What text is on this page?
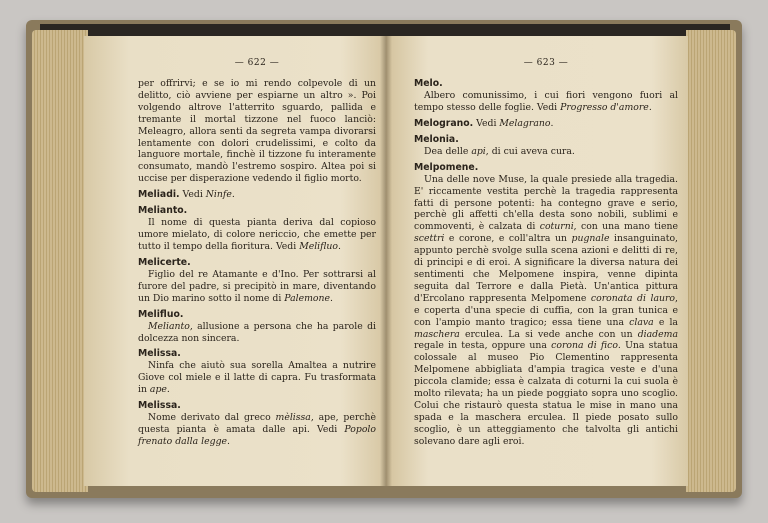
— 622 —

per offrirvi; e se io mi rendo colpevole di un delitto, ciò avviene per espiarne un altro ». Poi volgendo altrove l'atterrito sguardo, pallida e tremante il mortal tizzone nel fuoco lanciò: Meleagro, allora senti da segreta vampa divorarsi lentamente con dolori crudelissimi, e colto da languore mortale, finchè il tizzone fu interamente consumato, mandò l'estremo sospiro. Altea poi si uccise per disperazione vedendo il figlio morto.

Meliadi. Vedi Ninfe.
Melianto.

Il nome di questa pianta deriva dal copioso umore mielato, di colore nericcio, che emette per tutto il tempo della fioritura. Vedi Melifluo.

Melicerte.

Figlio del re Atamante e d'Ino. Per sottrarsi al furore del padre, si precipitò in mare, diventando un Dio marino sotto il nome di Palemone.

Melifluo.

Melianto, allusione a persona che ha parole di dolcezza non sincera.

Melissa.

Ninfa che aiutò sua sorella Amaltea a nutrire Giove col miele e il latte di capra. Fu trasformata in ape.

Melissa.

Nome derivato dal greco mèlissa, ape, perchè questa pianta è amata dalle api. Vedi Popolo frenato dalla legge.

— 623 —
Melo.

Albero comunissimo, i cui fiori vengono fuori al tempo stesso delle foglie. Vedi Progresso d'amore.

Melograno. Vedi Melagrano.
Melonia.

Dea delle api, di cui aveva cura.

Melpomene.

Una delle nove Muse, la quale presiede alla tragedia. E' riccamente vestita perchè la tragedia rappresenta fatti di persone potenti: ha contegno grave e serio, perchè gli affetti ch'ella desta sono nobili, sublimi e commoventi, è calzata di coturni, con una mano tiene scettri e corone, e coll'altra un pugnale insanguinato, appunto perchè svolge sulla scena azioni e delitti di re, di principi e di eroi. A significare la diversa natura dei sentimenti che Melpomene inspira, venne dipinta seguita dal Terrore e dalla Pietà. Un'antica pittura d'Ercolano rappresenta Melpomene coronata di lauro, e coperta d'una specie di cuffia, con la gran tunica e con l'ampio manto tragico; essa tiene una clava e la maschera erculea. La si vede anche con un diadema regale in testa, oppure una corona di fico. Una statua colossale al museo Pio Clementino rappresenta Melpomene abbigliata d'ampia tragica veste e d'una piccola clamide; essa è calzata di coturni la cui suola è molto rilevata; ha un piede poggiato sopra uno scoglio. Colui che ristaurò questa statua le mise in mano una spada e la maschera erculea. Il piede posato sullo scoglio, è un atteggiamento che talvolta gli antichi solevano dare agli eroi.
